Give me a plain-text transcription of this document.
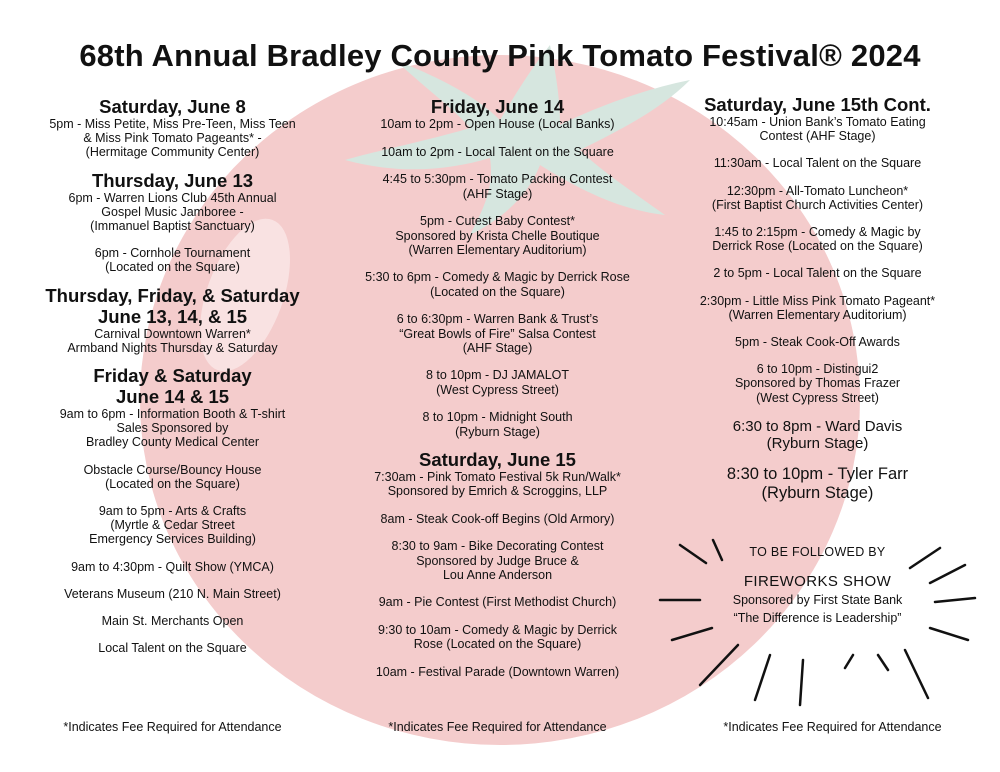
68th Annual Bradley County Pink Tomato Festival® 2024
Saturday, June 8
5pm - Miss Petite, Miss Pre-Teen, Miss Teen
& Miss Pink Tomato Pageants* -
(Hermitage Community Center)
Thursday, June 13
6pm - Warren Lions Club 45th Annual
Gospel Music Jamboree -
(Immanuel Baptist Sanctuary)
6pm - Cornhole Tournament
(Located on the Square)
Thursday, Friday, & Saturday
June 13, 14, & 15
Carnival Downtown Warren*
Armband Nights Thursday & Saturday
Friday & Saturday
June 14 & 15
9am to 6pm - Information Booth & T-shirt
Sales Sponsored by
Bradley County Medical Center
Obstacle Course/Bouncy House
(Located on the Square)
9am to 5pm - Arts & Crafts
(Myrtle & Cedar Street
Emergency Services Building)
9am to 4:30pm - Quilt Show (YMCA)
Veterans Museum (210 N. Main Street)
Main St. Merchants Open
Local Talent on the Square
Friday, June 14
10am to 2pm - Open House (Local Banks)
10am to 2pm - Local Talent on the Square
4:45 to 5:30pm - Tomato Packing Contest
(AHF Stage)
5pm - Cutest Baby Contest*
Sponsored by Krista Chelle Boutique
(Warren Elementary Auditorium)
5:30 to 6pm - Comedy & Magic by Derrick Rose
(Located on the Square)
6 to 6:30pm - Warren Bank & Trust’s
“Great Bowls of Fire” Salsa Contest
(AHF Stage)
8 to 10pm - DJ JAMALOT
(West Cypress Street)
8 to 10pm - Midnight South
(Ryburn Stage)
Saturday, June 15
7:30am - Pink Tomato Festival 5k Run/Walk*
Sponsored by Emrich & Scroggins, LLP
8am - Steak Cook-off Begins (Old Armory)
8:30 to 9am - Bike Decorating Contest
Sponsored by Judge Bruce &
Lou Anne Anderson
9am - Pie Contest (First Methodist Church)
9:30 to 10am - Comedy & Magic by Derrick
Rose (Located on the Square)
10am - Festival Parade (Downtown Warren)
Saturday, June 15th Cont.
10:45am - Union Bank’s Tomato Eating
Contest (AHF Stage)
11:30am - Local Talent on the Square
12:30pm - All-Tomato Luncheon*
(First Baptist Church Activities Center)
1:45 to 2:15pm - Comedy & Magic by
Derrick Rose (Located on the Square)
2 to 5pm - Local Talent on the Square
2:30pm - Little Miss Pink Tomato Pageant*
(Warren Elementary Auditorium)
5pm - Steak Cook-Off Awards
6 to 10pm - Distingui2
Sponsored by Thomas Frazer
(West Cypress Street)
6:30 to 8pm - Ward Davis
(Ryburn Stage)
8:30 to 10pm - Tyler Farr
(Ryburn Stage)
TO BE FOLLOWED BY
FIREWORKS SHOW
Sponsored by First State Bank
“The Difference is Leadership”
*Indicates Fee Required for Attendance	*Indicates Fee Required for Attendance	*Indicates Fee Required for Attendance
